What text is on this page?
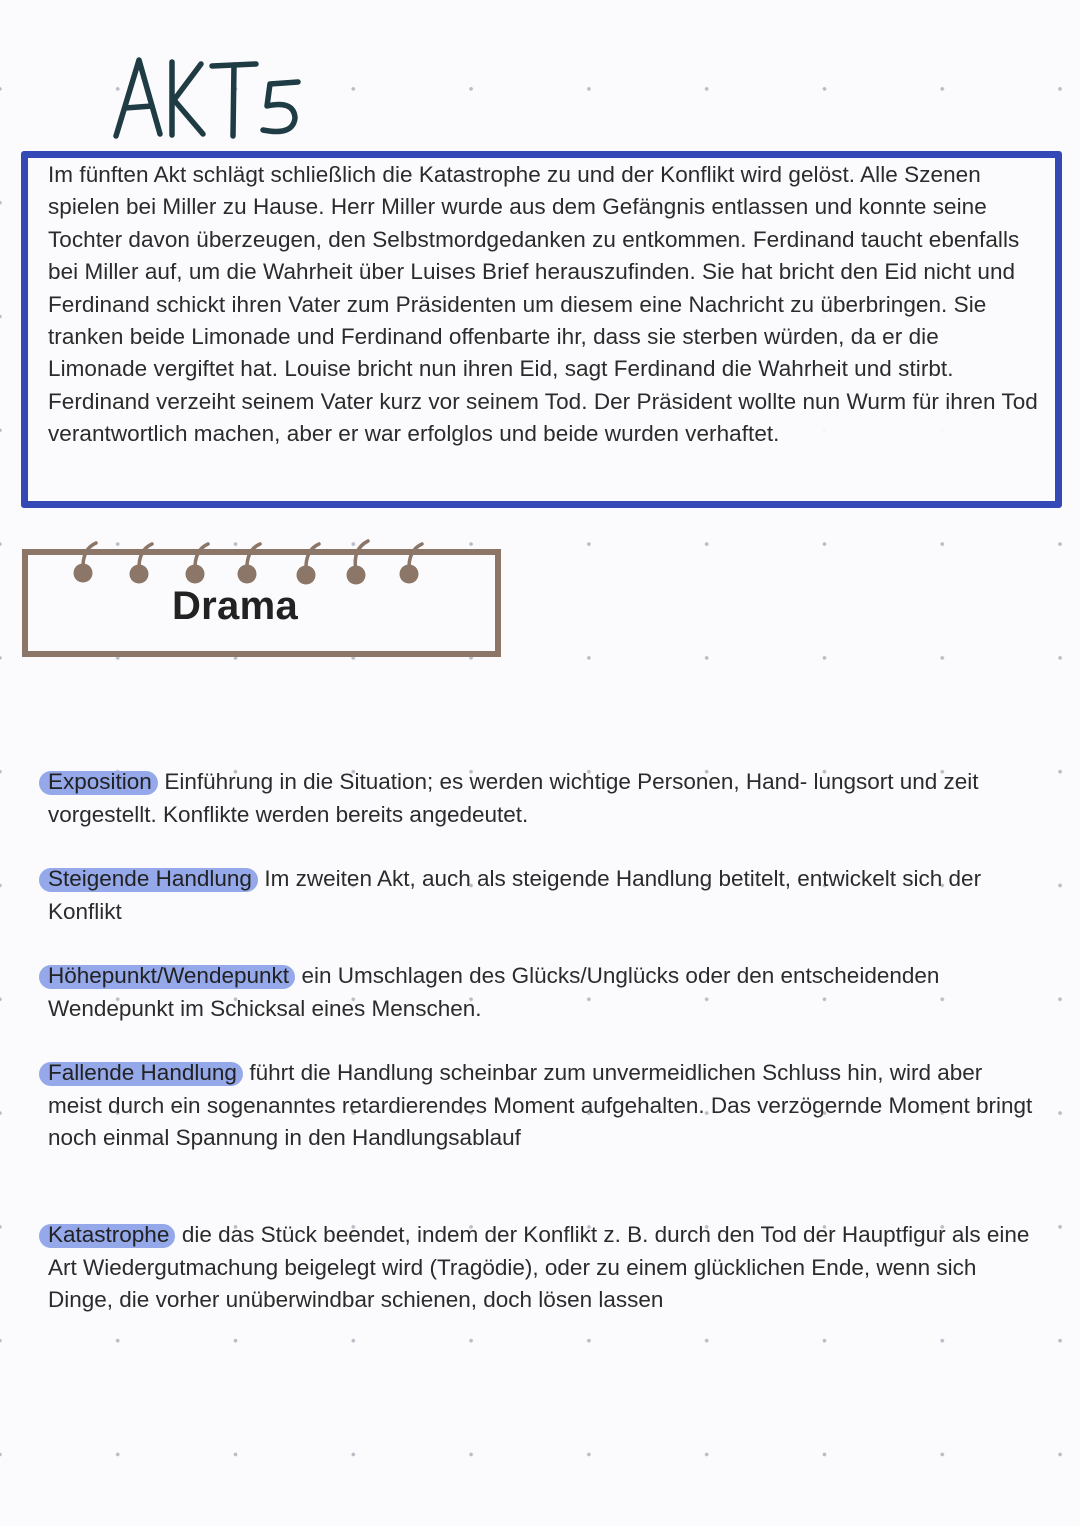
Im fünften Akt schlägt schließlich die Katastrophe zu und der Konflikt wird gelöst. Alle Szenen spielen bei Miller zu Hause. Herr Miller wurde aus dem Gefängnis entlassen und konnte seine Tochter davon überzeugen, den Selbstmordgedanken zu entkommen. Ferdinand taucht ebenfalls bei Miller auf, um die Wahrheit über Luises Brief herauszufinden. Sie hat bricht den Eid nicht und Ferdinand schickt ihren Vater zum Präsidenten um diesem eine Nachricht zu überbringen. Sie tranken beide Limonade und Ferdinand offenbarte ihr, dass sie sterben würden, da er die Limonade vergiftet hat. Louise bricht nun ihren Eid, sagt Ferdinand die Wahrheit und stirbt. Ferdinand verzeiht seinem Vater kurz vor seinem Tod. Der Präsident wollte nun Wurm für ihren Tod verantwortlich machen, aber er war erfolglos und beide wurden verhaftet.

Drama

Exposition: Einführung in die Situation; es werden wichtige Personen, Hand- lungsort und zeit vorgestellt. Konflikte werden bereits angedeutet.

Steigende Handlung: Im zweiten Akt, auch als steigende Handlung betitelt, entwickelt sich der Konflikt

Höhepunkt/Wendepunkt: ein Umschlagen des Glücks/Unglücks oder den entscheidenden Wendepunkt im Schicksal eines Menschen.

Fallende Handlung: führt die Handlung scheinbar zum unvermeidlichen Schluss hin, wird aber meist durch ein sogenanntes retardierendes Moment aufgehalten. Das verzögernde Moment bringt noch einmal Spannung in den Handlungsablauf

Katastrophe: die das Stück beendet, indem der Konflikt z. B. durch den Tod der Hauptfigur als eine Art Wiedergutmachung beigelegt wird (Tragödie), oder zu einem glücklichen Ende, wenn sich Dinge, die vorher unüberwindbar schienen, doch lösen lassen
